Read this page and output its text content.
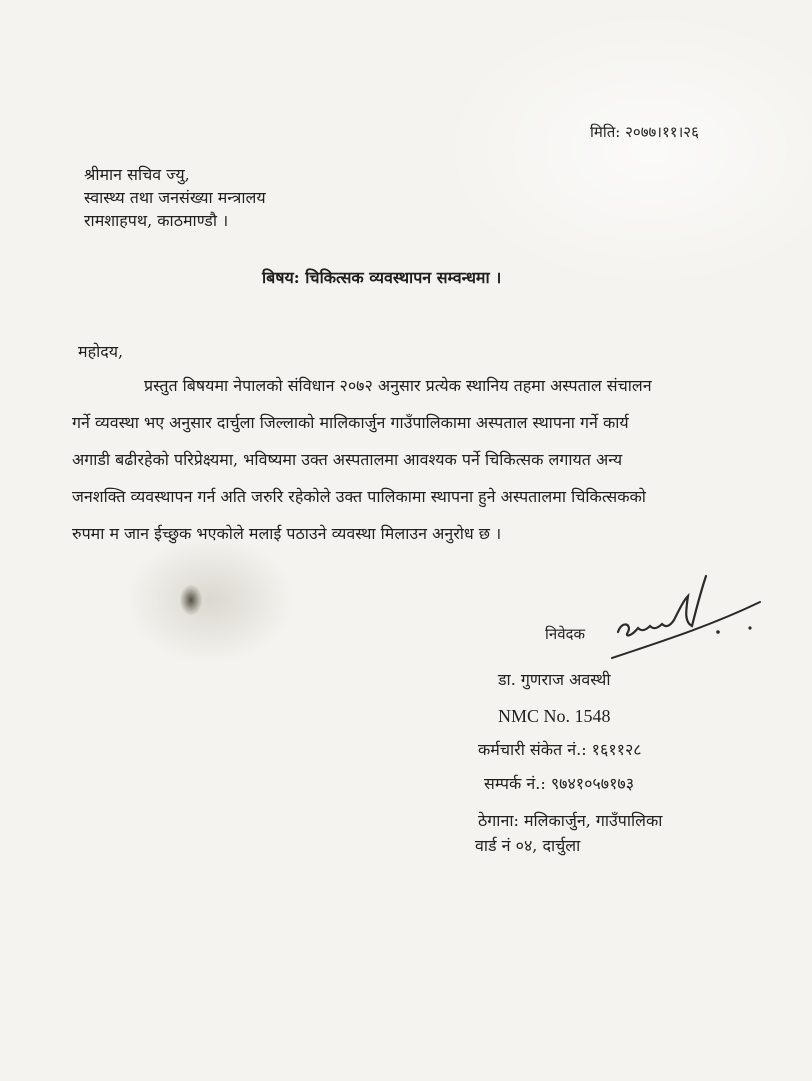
मिति: २०७७।११।२६
श्रीमान सचिव ज्यु,
स्वास्थ्य तथा जनसंख्या मन्त्रालय
रामशाहपथ, काठमाण्डौ ।
बिषय: चिकित्सक व्यवस्थापन सम्वन्धमा ।
महोदय,
प्रस्तुत बिषयमा नेपालको संविधान २०७२ अनुसार प्रत्येक स्थानिय तहमा अस्पताल संचालन
गर्ने व्यवस्था भए अनुसार दार्चुला जिल्लाको मालिकार्जुन गाउँपालिकामा अस्पताल स्थापना गर्ने कार्य
अगाडी बढीरहेको परिप्रेक्ष्यमा, भविष्यमा उक्त अस्पतालमा आवश्यक पर्ने चिकित्सक लगायत अन्य
जनशक्ति व्यवस्थापन गर्न अति जरुरि रहेकोले उक्त पालिकामा स्थापना हुने अस्पतालमा चिकित्सकको
रुपमा म जान ईच्छुक भएकोले मलाई पठाउने व्यवस्था मिलाउन अनुरोध छ ।
निवेदक
डा. गुणराज अवस्थी
NMC No. 1548
कर्मचारी संकेत नं.: १६११२८
सम्पर्क नं.: ९७४१०५७१७३
ठेगाना: मलिकार्जुन, गाउँपालिका
वार्ड नं ०४, दार्चुला
